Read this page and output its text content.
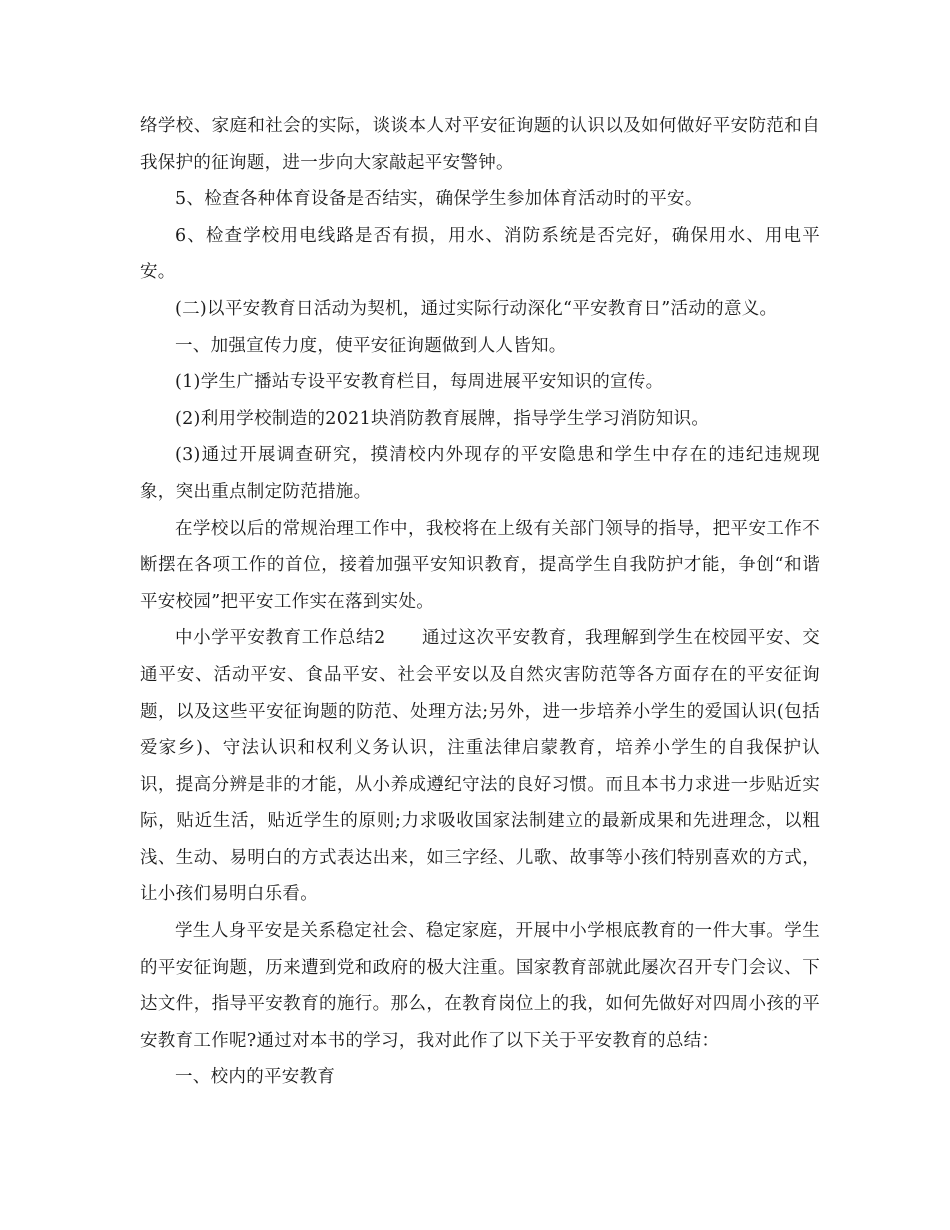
络学校、家庭和社会的实际，谈谈本人对平安征询题的认识以及如何做好平安防范和自我保护的征询题，进一步向大家敲起平安警钟。

5、检查各种体育设备是否结实，确保学生参加体育活动时的平安。

6、检查学校用电线路是否有损，用水、消防系统是否完好，确保用水、用电平安。

(二)以平安教育日活动为契机，通过实际行动深化“平安教育日”活动的意义。

一、加强宣传力度，使平安征询题做到人人皆知。

(1)学生广播站专设平安教育栏目，每周进展平安知识的宣传。

(2)利用学校制造的2021块消防教育展牌，指导学生学习消防知识。

(3)通过开展调查研究，摸清校内外现存的平安隐患和学生中存在的违纪违规现象，突出重点制定防范措施。

在学校以后的常规治理工作中，我校将在上级有关部门领导的指导，把平安工作不断摆在各项工作的首位，接着加强平安知识教育，提高学生自我防护才能，争创“和谐平安校园”把平安工作实在落到实处。

中小学平安教育工作总结2　　通过这次平安教育，我理解到学生在校园平安、交通平安、活动平安、食品平安、社会平安以及自然灾害防范等各方面存在的平安征询题，以及这些平安征询题的防范、处理方法;另外，进一步培养小学生的爱国认识(包括爱家乡)、守法认识和权利义务认识，注重法律启蒙教育，培养小学生的自我保护认识，提高分辨是非的才能，从小养成遵纪守法的良好习惯。而且本书力求进一步贴近实际，贴近生活，贴近学生的原则;力求吸收国家法制建立的最新成果和先进理念，以粗浅、生动、易明白的方式表达出来，如三字经、儿歌、故事等小孩们特别喜欢的方式，让小孩们易明白乐看。

学生人身平安是关系稳定社会、稳定家庭，开展中小学根底教育的一件大事。学生的平安征询题，历来遭到党和政府的极大注重。国家教育部就此屡次召开专门会议、下达文件，指导平安教育的施行。那么，在教育岗位上的我，如何先做好对四周小孩的平安教育工作呢?通过对本书的学习，我对此作了以下关于平安教育的总结：

一、校内的平安教育
